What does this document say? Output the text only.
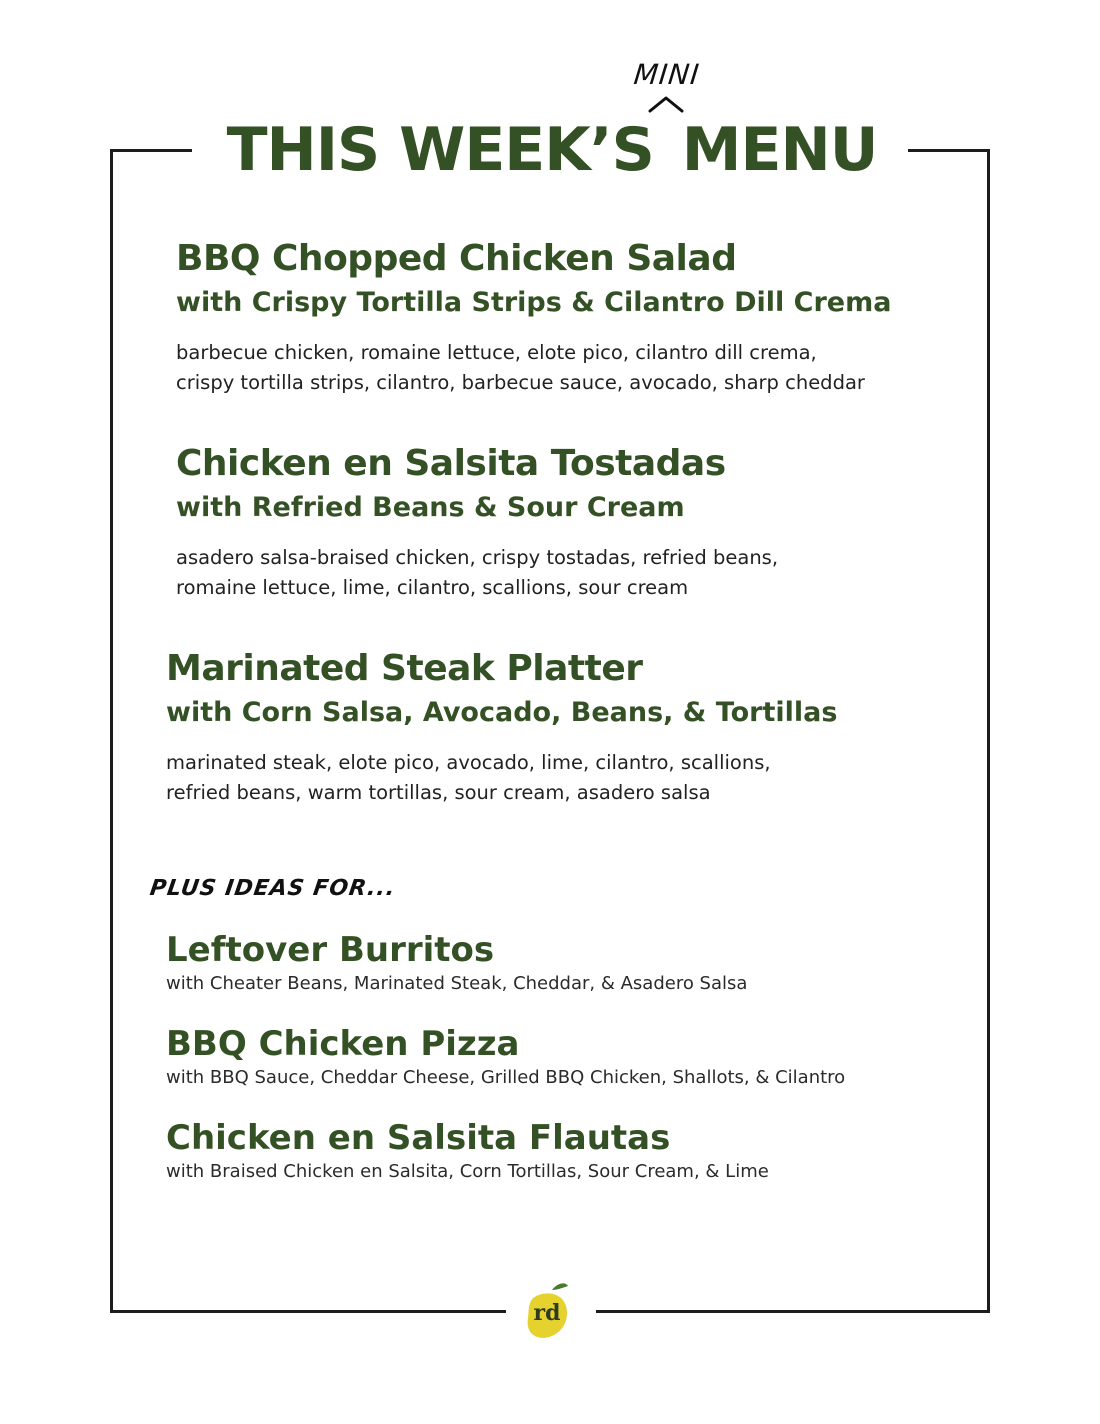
THIS WEEK’S MENU
MINI
BBQ Chopped Chicken Salad
with Crispy Tortilla Strips & Cilantro Dill Crema

barbecue chicken, romaine lettuce, elote pico, cilantro dill crema,
crispy tortilla strips, cilantro, barbecue sauce, avocado, sharp cheddar

Chicken en Salsita Tostadas
with Refried Beans & Sour Cream

asadero salsa-braised chicken, crispy tostadas, refried beans,
romaine lettuce, lime, cilantro, scallions, sour cream

Marinated Steak Platter
with Corn Salsa, Avocado, Beans, & Tortillas

marinated steak, elote pico, avocado, lime, cilantro, scallions,
refried beans, warm tortillas, sour cream, asadero salsa

PLUS IDEAS FOR...
Leftover Burritos

with Cheater Beans, Marinated Steak, Cheddar, & Asadero Salsa

BBQ Chicken Pizza

with BBQ Sauce, Cheddar Cheese, Grilled BBQ Chicken, Shallots, & Cilantro

Chicken en Salsita Flautas

with Braised Chicken en Salsita, Corn Tortillas, Sour Cream, & Lime

rd
